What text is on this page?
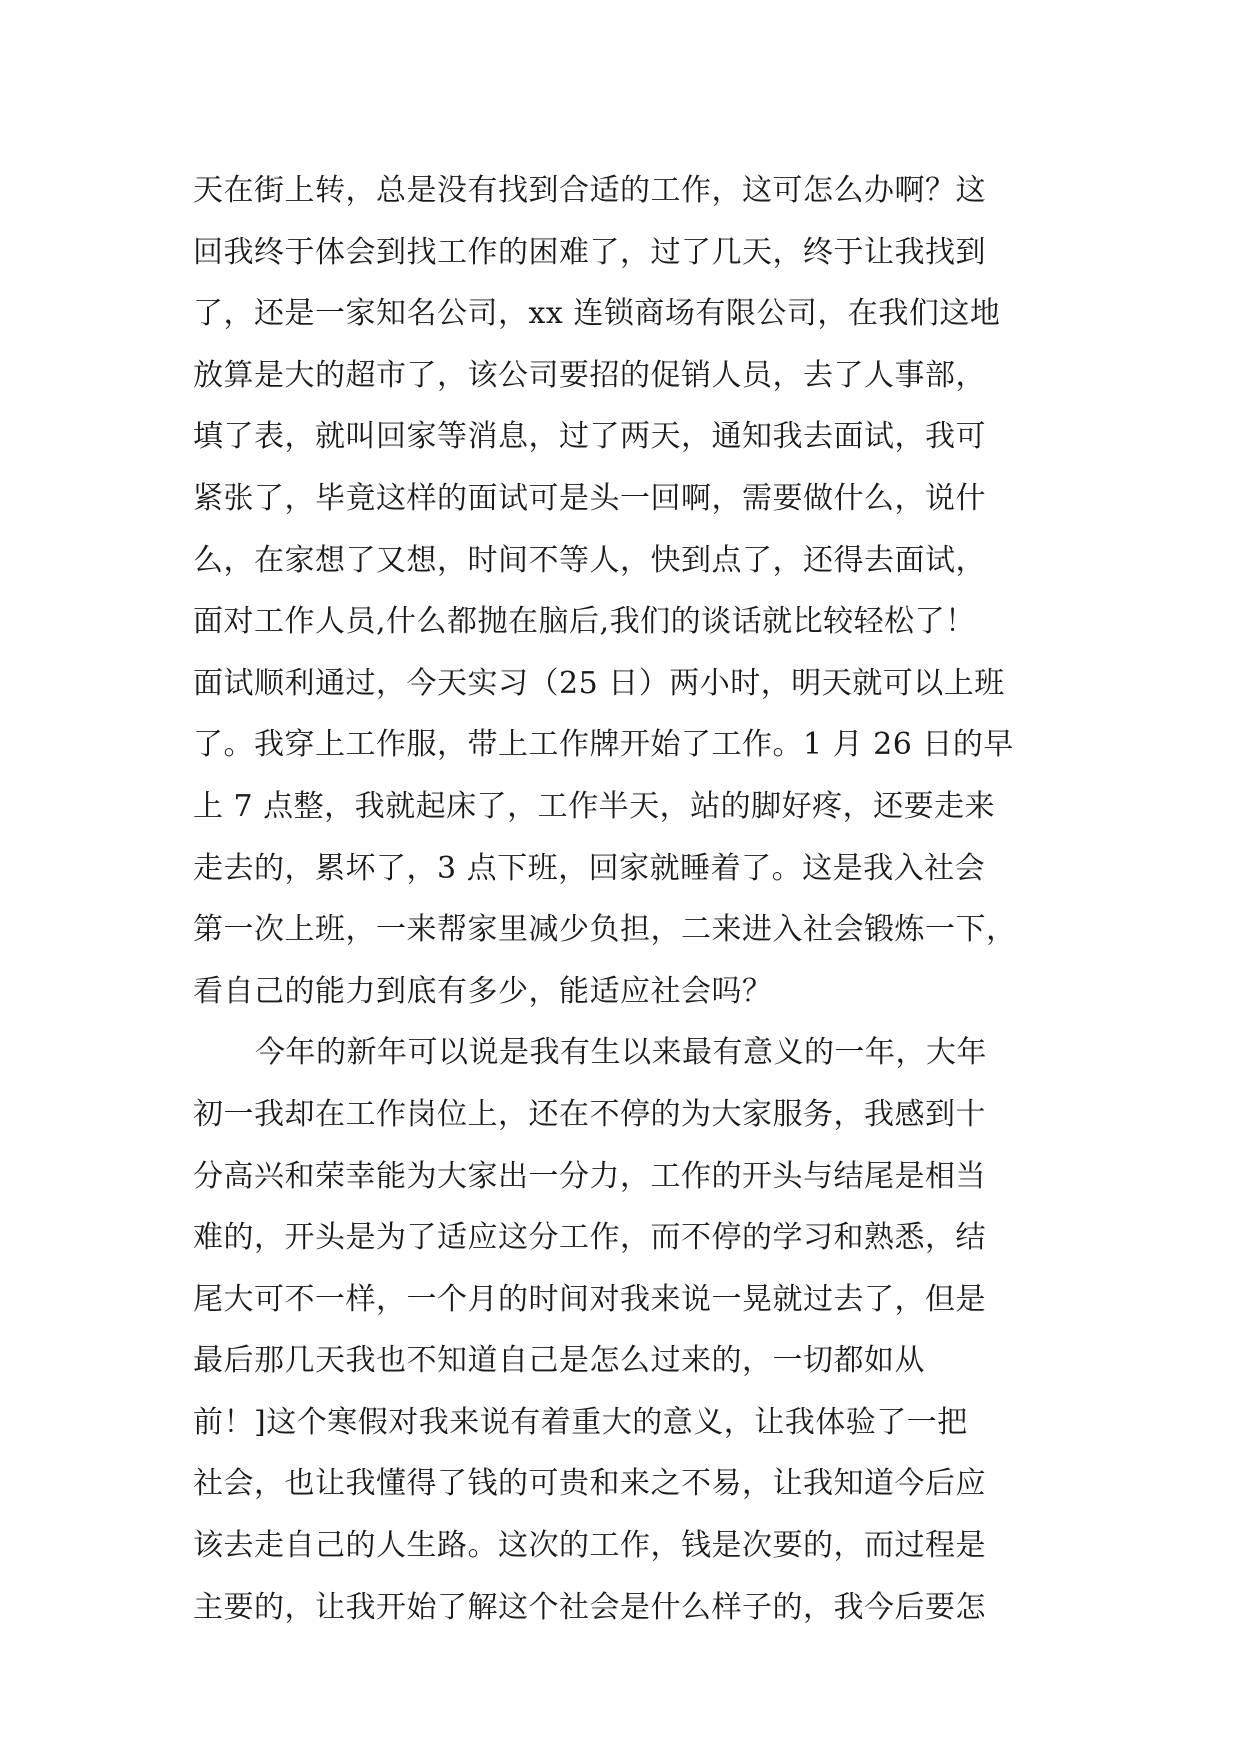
天在街上转，总是没有找到合适的工作，这可怎么办啊？这
回我终于体会到找工作的困难了，过了几天，终于让我找到
了，还是一家知名公司，xx 连锁商场有限公司，在我们这地
放算是大的超市了，该公司要招的促销人员，去了人事部，
填了表，就叫回家等消息，过了两天，通知我去面试，我可
紧张了，毕竟这样的面试可是头一回啊，需要做什么，说什
么，在家想了又想，时间不等人，快到点了，还得去面试，
面对工作人员,什么都抛在脑后,我们的谈话就比较轻松了！
面试顺利通过，今天实习（25 日）两小时，明天就可以上班
了。我穿上工作服，带上工作牌开始了工作。1 月 26 日的早
上 7 点整，我就起床了，工作半天，站的脚好疼，还要走来
走去的，累坏了，3 点下班，回家就睡着了。这是我入社会
第一次上班，一来帮家里减少负担，二来进入社会锻炼一下，
看自己的能力到底有多少，能适应社会吗？
今年的新年可以说是我有生以来最有意义的一年，大年
初一我却在工作岗位上，还在不停的为大家服务，我感到十
分高兴和荣幸能为大家出一分力，工作的开头与结尾是相当
难的，开头是为了适应这分工作，而不停的学习和熟悉，结
尾大可不一样，一个月的时间对我来说一晃就过去了，但是
最后那几天我也不知道自己是怎么过来的，一切都如从
前！]这个寒假对我来说有着重大的意义，让我体验了一把
社会，也让我懂得了钱的可贵和来之不易，让我知道今后应
该去走自己的人生路。这次的工作，钱是次要的，而过程是
主要的，让我开始了解这个社会是什么样子的，我今后要怎
